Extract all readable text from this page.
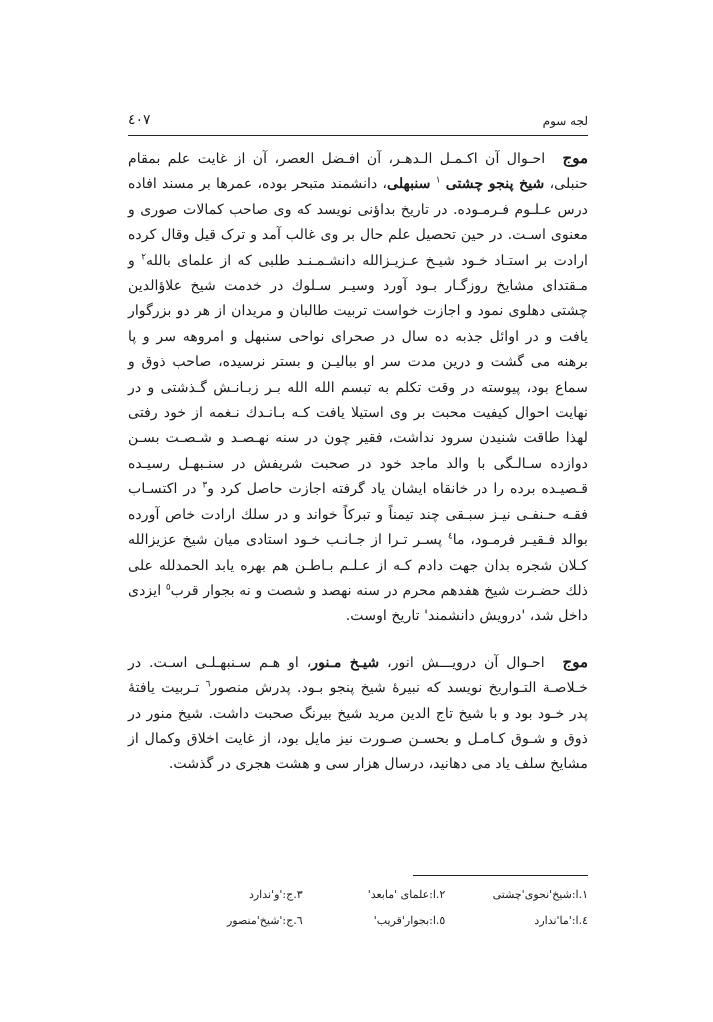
٤٠٧	لجه سوم

موج احـوال آن اکـمـل الـدهـر، آن افـضل العصر، آن از غایت علم بمقام حنبلی، شیخ پنجو چشتی $^١$ سنبهلی، دانشمند متبحر بوده، عمرها بر مسند افاده درس عـلـوم فـرمـوده. در تاریخ بداؤنی نویسد که وی صاحب کمالات صوری و معنوی اسـت. در حین تحصیل علم حال بر وی غالب آمد و ترک قیل وقال کرده ارادت بر استـاد خـود شیـخ عـزیـزالله دانشـمـنـد طلبی که از علمای بالله$^٢$ و مـقتدای مشایخ روزگـار بـود آورد وسیـر سـلوك در خدمت شیخ علاؤالدین چشتی دهلوی نمود و اجازت خواست تربیت طالبان و مریدان از هر دو بزرگوار یافت و در اوائل جذبه ده سال در صحرای نواحی سنبهل و امروهه سر و پا برهنه می گشت و درین مدت سر او ببالیـن و بستر نرسیده، صاحب ذوق و سماع بود، پیوسته در وقت تکلم به تبسم الله الله بـر زبـانـش گـذشتی و در نهایت احوال کیفیت محبت بر وی استیلا یافت کـه بـانـدك نـغمه از خود رفتی لهذا طاقت شنیدن سرود نداشت، فقیر چون در سنه نهـصـد و شـصـت بسـن دوازده سـالـگی با والد ماجد خود در صحبت شریفش در سنـبهـل رسیـده قـصیـده برده را در خانقاه ایشان یاد گرفته اجازت حاصل کرد و$^٣$ در اکتسـاب فقـه حـنفـی نیـز سبـقی چند تیمناً و تبرکاً خواند و در سلك ارادت خاص آورده بوالد فـقیـر فرمـود، ما$^٤$ پسـر تـرا از جـانـب خـود استادی میان شیخ عزیزالله کـلان شجره بدان جهت دادم کـه از عـلـم بـاطـن هم بهره یابد الحمدلله علی ذلك حضـرت شیخ هفدهم محرم در سنه نهصد و شصت و نه بجوار قرب$^٥$ ایزدی داخل شد، 'درویش دانشمند' تاریخ اوست.

موج احـوال آن درویـــش انور، شیـخ مـنور، او هـم سـنبهـلـی اسـت. در خـلاصـة التـواریخ نویسد که نبیرهٔ شیخ پنجو بـود. پدرش منصور$^٦$ تـربیت یافتهٔ پدر خـود بود و با شیخ تاج الدین مرید شیخ بیرنگ صحبت داشت. شیخ منور در ذوق و شـوق کـامـل و بحسـن صـورت نیز مایل بود، از غایت اخلاق وکمال از مشایخ سلف یاد می دهانید، درسال هزار سی و هشت هجری در گذشت.

١.ا:شیخ'نحوی'چشتی
٢.ا:علمای 'مابعد'
٣.ج:'و'ندارد
٤.ا:'ما'ندارد
٥.ا:بجوار'قریب'
٦.ج:'شیخ'منصور
